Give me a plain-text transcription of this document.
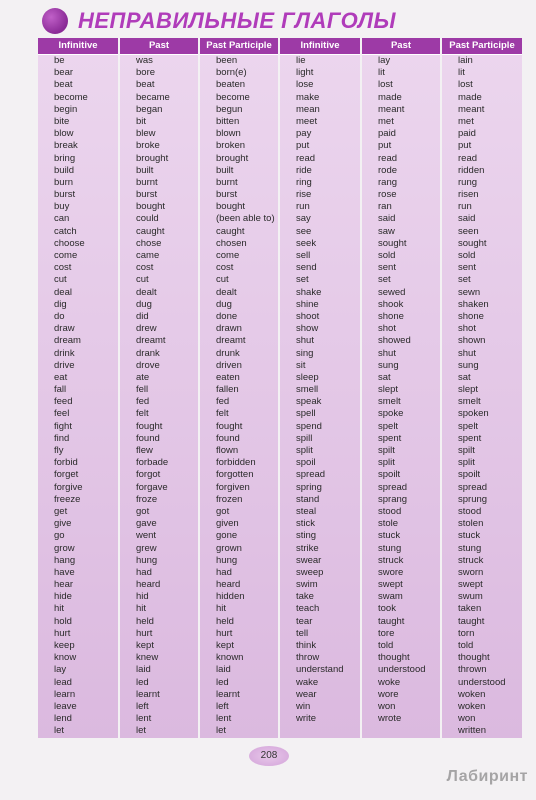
НЕПРАВИЛЬНЫЕ ГЛАГОЛЫ
Infinitive
be
bear
beat
become
begin
bite
blow
break
bring
build
burn
burst
buy
can
catch
choose
come
cost
cut
deal
dig
do
draw
dream
drink
drive
eat
fall
feed
feel
fight
find
fly
forbid
forget
forgive
freeze
get
give
go
grow
hang
have
hear
hide
hit
hold
hurt
keep
know
lay
lead
learn
leave
lend
let
Past
was
bore
beat
became
began
bit
blew
broke
brought
built
burnt
burst
bought
could
caught
chose
came
cost
cut
dealt
dug
did
drew
dreamt
drank
drove
ate
fell
fed
felt
fought
found
flew
forbade
forgot
forgave
froze
got
gave
went
grew
hung
had
heard
hid
hit
held
hurt
kept
knew
laid
led
learnt
left
lent
let
Past Participle
been
born(e)
beaten
become
begun
bitten
blown
broken
brought
built
burnt
burst
bought
(been able to)
caught
chosen
come
cost
cut
dealt
dug
done
drawn
dreamt
drunk
driven
eaten
fallen
fed
felt
fought
found
flown
forbidden
forgotten
forgiven
frozen
got
given
gone
grown
hung
had
heard
hidden
hit
held
hurt
kept
known
laid
led
learnt
left
lent
let
Infinitive
lie
light
lose
make
mean
meet
pay
put
read
ride
ring
rise
run
say
see
seek
sell
send
set
shake
shine
shoot
show
shut
sing
sit
sleep
smell
speak
spell
spend
spill
split
spoil
spread
spring
stand
steal
stick
sting
strike
swear
sweep
swim
take
teach
tear
tell
think
throw
understand
wake
wear
win
write
Past
lay
lit
lost
made
meant
met
paid
put
read
rode
rang
rose
ran
said
saw
sought
sold
sent
set
sewed
shook
shone
shot
showed
shut
sung
sat
slept
smelt
spoke
spelt
spent
spilt
split
spoilt
spread
sprang
stood
stole
stuck
stung
struck
swore
swept
swam
took
taught
tore
told
thought
understood
woke
wore
won
wrote
Past Participle
lain
lit
lost
made
meant
met
paid
put
read
ridden
rung
risen
run
said
seen
sought
sold
sent
set
sewn
shaken
shone
shot
shown
shut
sung
sat
slept
smelt
spoken
spelt
spent
spilt
split
spoilt
spread
sprung
stood
stolen
stuck
stung
struck
sworn
swept
swum
taken
taught
torn
told
thought
thrown
understood
woken
woken
won
written
208
Лабиринт
